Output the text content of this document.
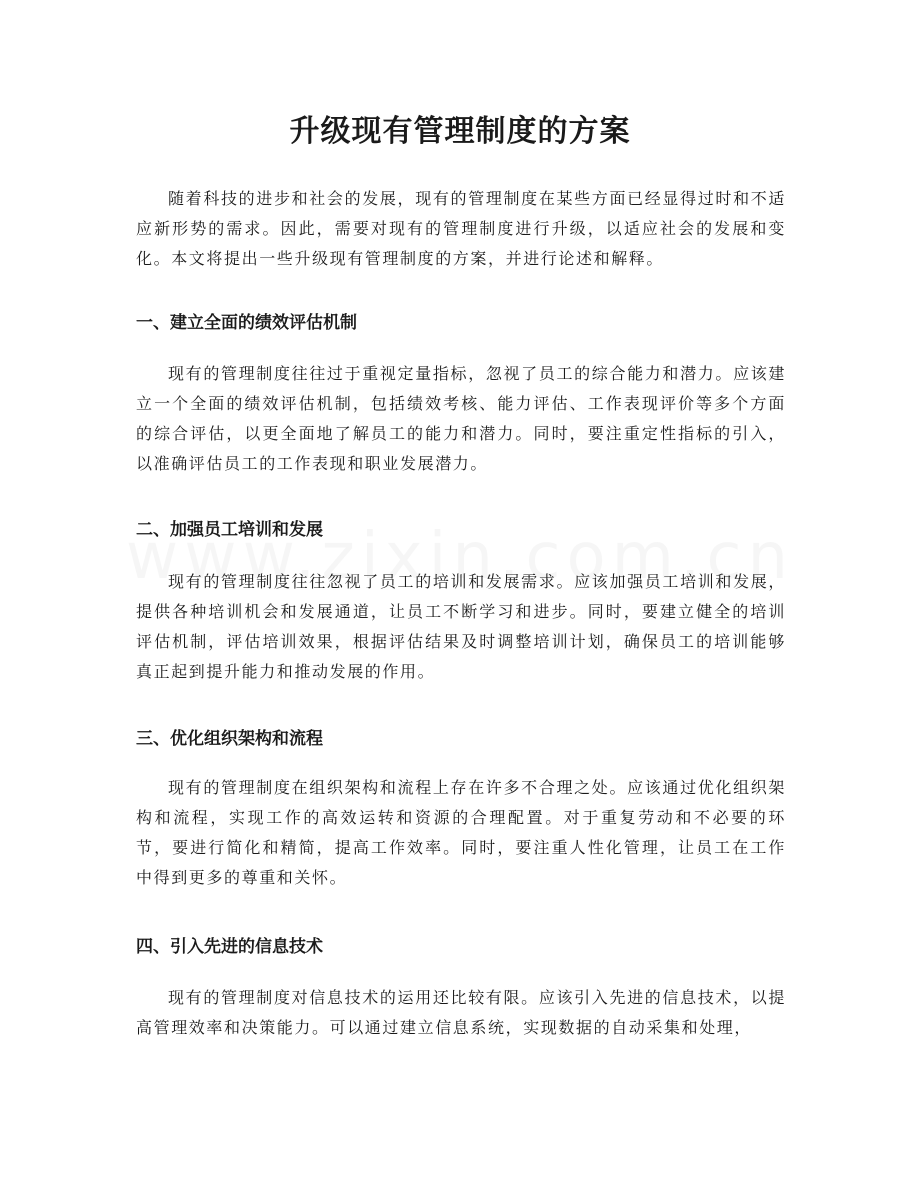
升级现有管理制度的方案

随着科技的进步和社会的发展，现有的管理制度在某些方面已经显得过时和不适应新形势的需求。因此，需要对现有的管理制度进行升级，以适应社会的发展和变化。本文将提出一些升级现有管理制度的方案，并进行论述和解释。

一、建立全面的绩效评估机制

现有的管理制度往往过于重视定量指标，忽视了员工的综合能力和潜力。应该建立一个全面的绩效评估机制，包括绩效考核、能力评估、工作表现评价等多个方面的综合评估，以更全面地了解员工的能力和潜力。同时，要注重定性指标的引入，以准确评估员工的工作表现和职业发展潜力。

二、加强员工培训和发展

现有的管理制度往往忽视了员工的培训和发展需求。应该加强员工培训和发展，提供各种培训机会和发展通道，让员工不断学习和进步。同时，要建立健全的培训评估机制，评估培训效果，根据评估结果及时调整培训计划，确保员工的培训能够真正起到提升能力和推动发展的作用。

三、优化组织架构和流程

现有的管理制度在组织架构和流程上存在许多不合理之处。应该通过优化组织架构和流程，实现工作的高效运转和资源的合理配置。对于重复劳动和不必要的环节，要进行简化和精简，提高工作效率。同时，要注重人性化管理，让员工在工作中得到更多的尊重和关怀。

四、引入先进的信息技术

现有的管理制度对信息技术的运用还比较有限。应该引入先进的信息技术，以提高管理效率和决策能力。可以通过建立信息系统，实现数据的自动采集和处理，
